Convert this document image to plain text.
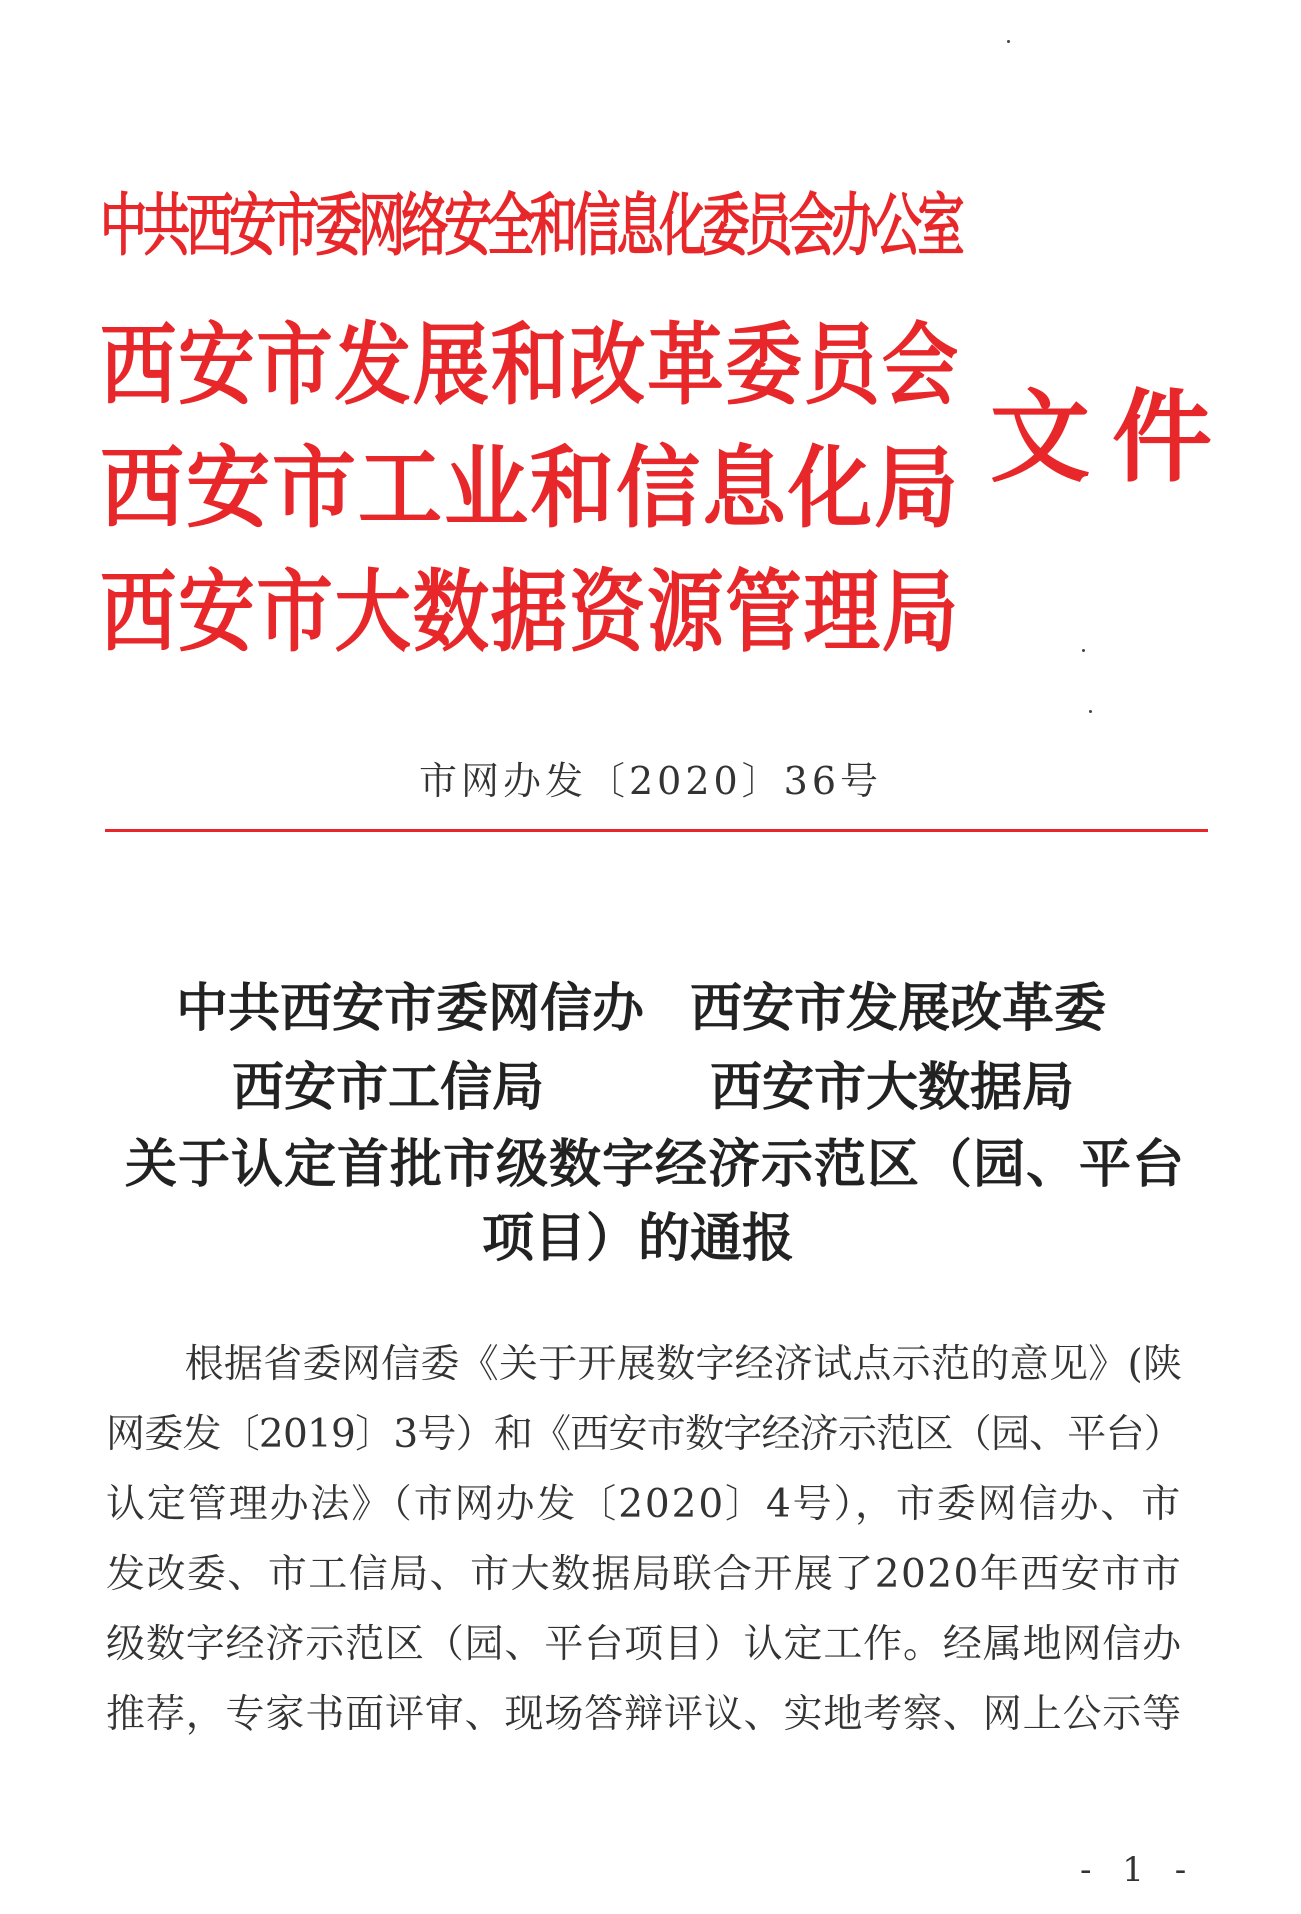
中共西安市委网络安全和信息化委员会办公室
西安市发展和改革委员会
西安市工业和信息化局
西安市大数据资源管理局
文件
市网办发〔2020〕36号
中共西安市委网信办 西安市发展改革委
西安市工信局	西安市大数据局
关于认定首批市级数字经济示范区（园、平台
项目）的通报
　　根据省委网信委《关于开展数字经济试点示范的意见》(陕
网委发〔2019〕3号）和《西安市数字经济示范区（园、平台）
认定管理办法》（市网办发〔2020〕4号），市委网信办、市
发改委、市工信局、市大数据局联合开展了2020年西安市市
级数字经济示范区（园、平台项目）认定工作。经属地网信办
推荐，专家书面评审、现场答辩评议、实地考察、网上公示等
- 1 -
